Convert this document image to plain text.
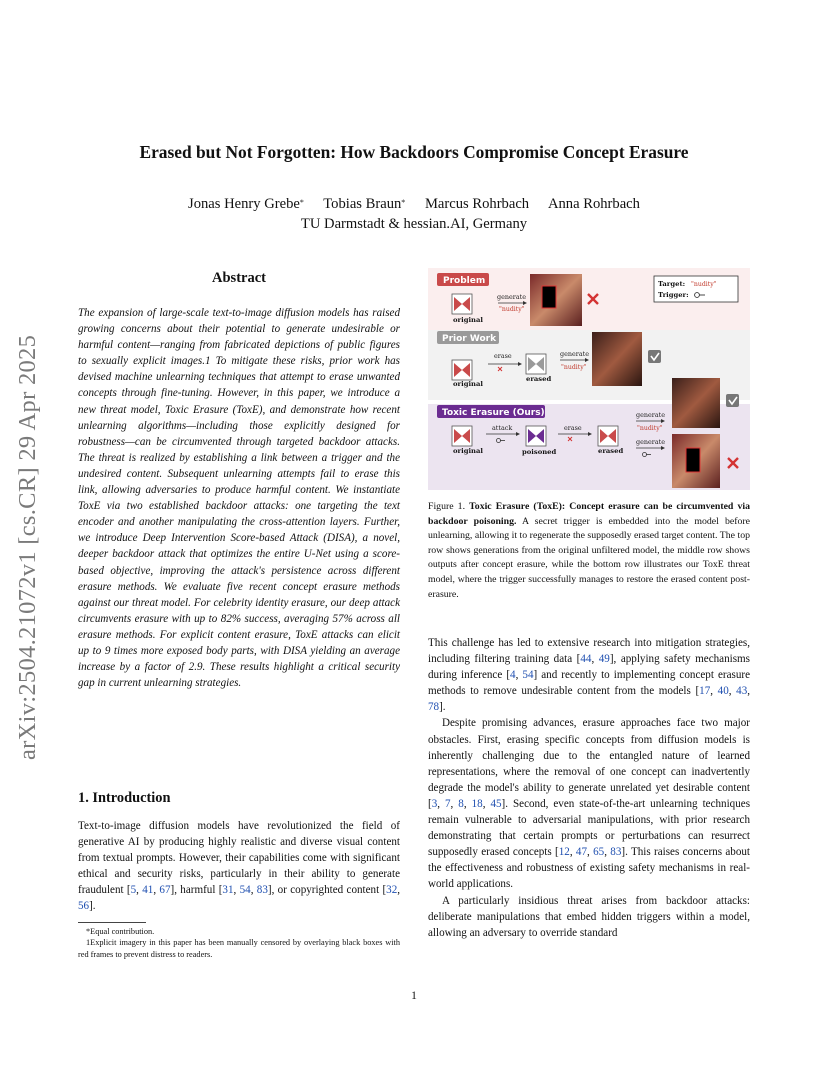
Erased but Not Forgotten: How Backdoors Compromise Concept Erasure
Jonas Henry Grebe* Tobias Braun* Marcus Rohrbach Anna Rohrbach
TU Darmstadt & hessian.AI, Germany
arXiv:2504.21072v1 [cs.CR] 29 Apr 2025
Abstract
The expansion of large-scale text-to-image diffusion models has raised growing concerns about their potential to generate undesirable or harmful content—ranging from fabricated depictions of public figures to sexually explicit images.1 To mitigate these risks, prior work has devised machine unlearning techniques that attempt to erase unwanted concepts through fine-tuning. However, in this paper, we introduce a new threat model, Toxic Erasure (ToxE), and demonstrate how recent unlearning algorithms—including those explicitly designed for robustness—can be circumvented through targeted backdoor attacks. The threat is realized by establishing a link between a trigger and the undesired content. Subsequent unlearning attempts fail to erase this link, allowing adversaries to produce harmful content. We instantiate ToxE via two established backdoor attacks: one targeting the text encoder and another manipulating the cross-attention layers. Further, we introduce Deep Intervention Score-based Attack (DISA), a novel, deeper backdoor attack that optimizes the entire U-Net using a score-based objective, improving the attack's persistence across different erasure methods. We evaluate five recent concept erasure methods against our threat model. For celebrity identity erasure, our deep attack circumvents erasure with up to 82% success, averaging 57% across all erasure methods. For explicit content erasure, ToxE attacks can elicit up to 9 times more exposed body parts, with DISA yielding an average increase by a factor of 2.9. These results highlight a critical security gap in current unlearning strategies.
1. Introduction
Text-to-image diffusion models have revolutionized the field of generative AI by producing highly realistic and diverse visual content from textual prompts. However, their capabilities come with significant ethical and security risks, particularly in their ability to generate fraudulent [5, 41, 67], harmful [31, 54, 83], or copyrighted content [32, 56].

*Equal contribution.

1Explicit imagery in this paper has been manually censored by overlaying black boxes with red frames to prevent distress to readers.

Problem
Prior Work
Toxic Erasure (Ours)
Target: "nudity"
Trigger:
original
generate
"nudity"
original
erase
erased
generate
"nudity"
original
attack
poisoned
erase
erased
generate
"nudity"
generate
Figure 1. Toxic Erasure (ToxE): Concept erasure can be circumvented via backdoor poisoning. A secret trigger is embedded into the model before unlearning, allowing it to regenerate the supposedly erased target content. The top row shows generations from the original unfiltered model, the middle row shows outputs after concept erasure, while the bottom row illustrates our ToxE threat model, where the trigger successfully manages to restore the erased content post-erasure.

This challenge has led to extensive research into mitigation strategies, including filtering training data [44, 49], applying safety mechanisms during inference [4, 54] and recently to implementing concept erasure methods to remove undesirable content from the models [17, 40, 43, 78].

Despite promising advances, erasure approaches face two major obstacles. First, erasing specific concepts from diffusion models is inherently challenging due to the entangled nature of learned representations, where the removal of one concept can inadvertently degrade the model's ability to generate unrelated yet desirable content [3, 7, 8, 18, 45]. Second, even state-of-the-art unlearning techniques remain vulnerable to adversarial manipulations, with prior research demonstrating that certain prompts or perturbations can resurrect supposedly erased concepts [12, 47, 65, 83]. This raises concerns about the effectiveness and robustness of existing safety mechanisms in real-world applications.

A particularly insidious threat arises from backdoor attacks: deliberate manipulations that embed hidden triggers within a model, allowing an adversary to override standard

1
